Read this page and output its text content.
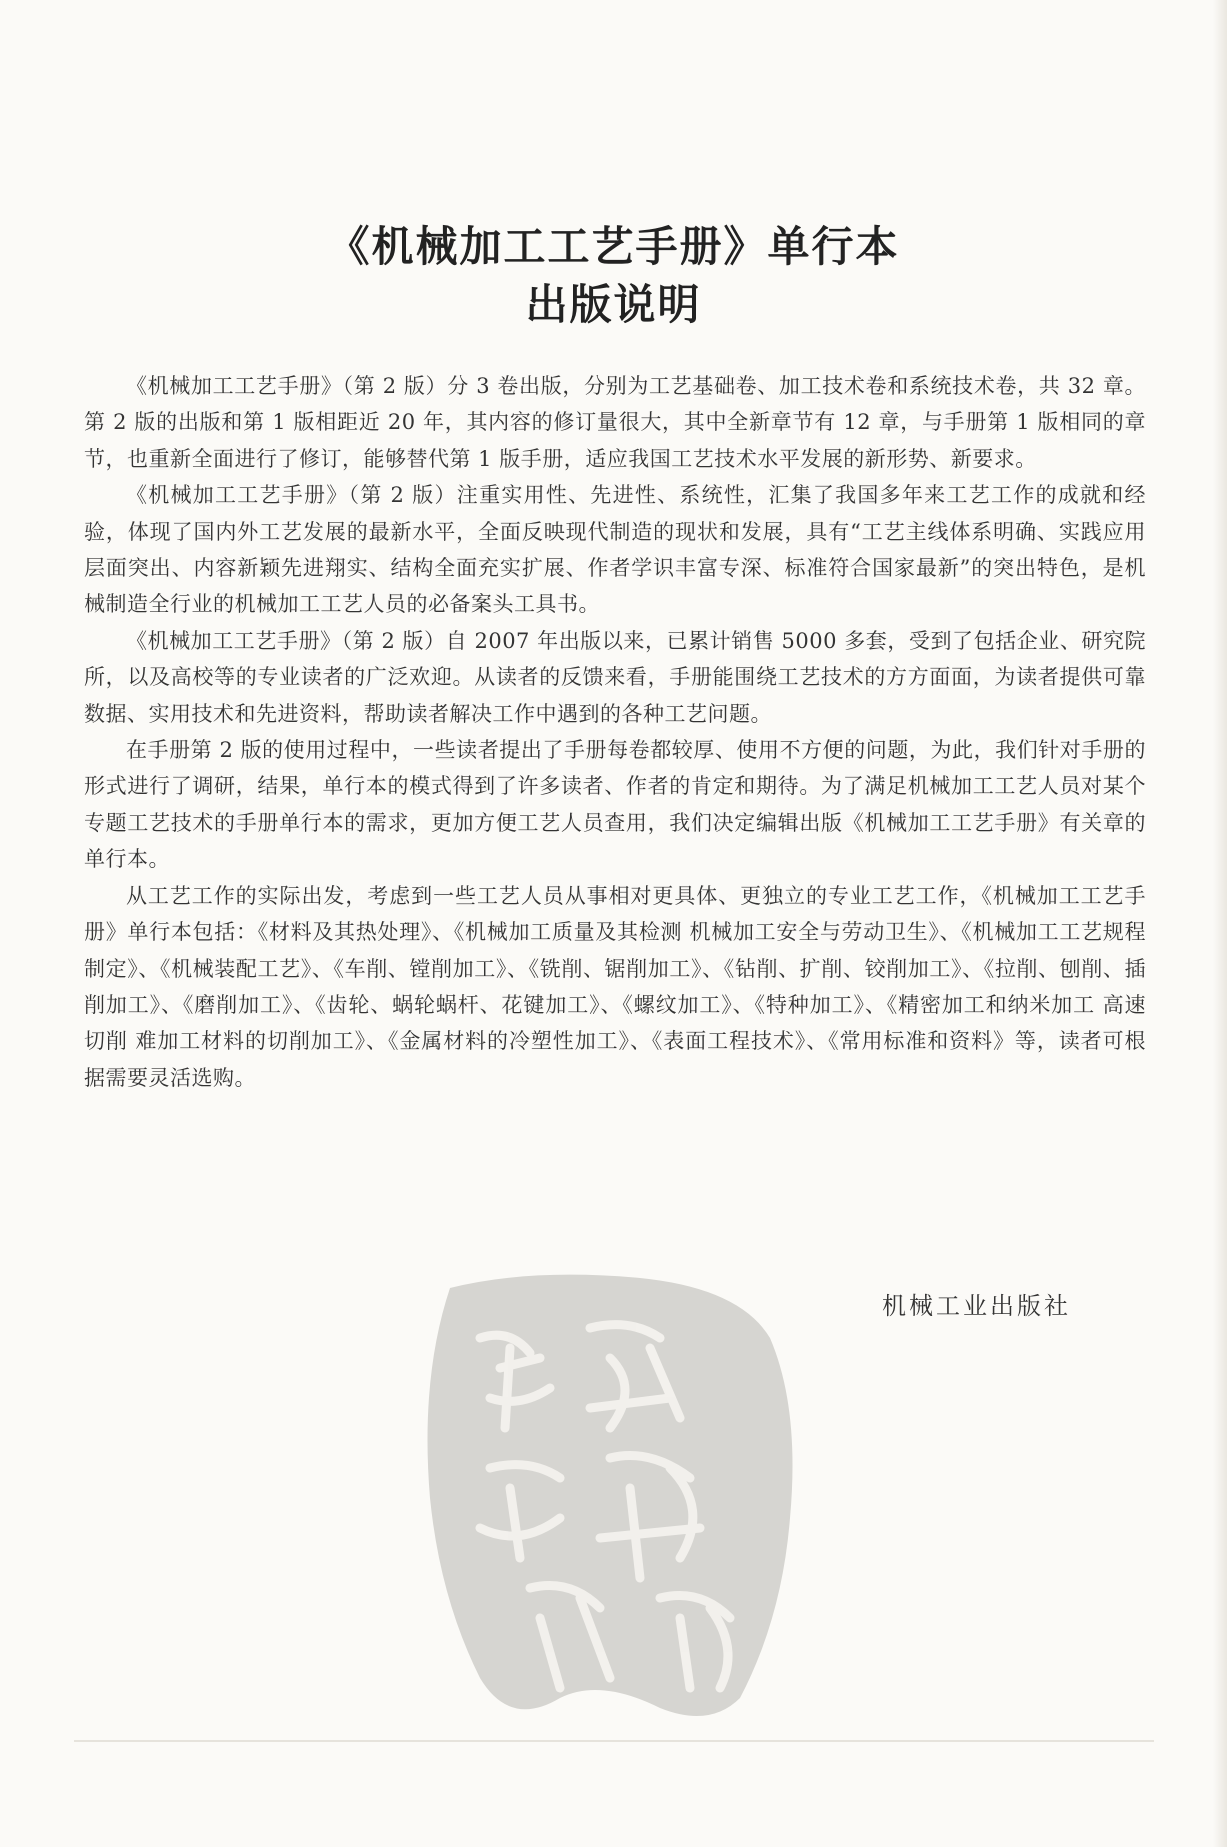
《机械加工工艺手册》单行本
出版说明

《机械加工工艺手册》（第 2 版）分 3 卷出版，分别为工艺基础卷、加工技术卷和系统技术卷，共 32 章。第 2 版的出版和第 1 版相距近 20 年，其内容的修订量很大，其中全新章节有 12 章，与手册第 1 版相同的章节，也重新全面进行了修订，能够替代第 1 版手册，适应我国工艺技术水平发展的新形势、新要求。

《机械加工工艺手册》（第 2 版）注重实用性、先进性、系统性，汇集了我国多年来工艺工作的成就和经验，体现了国内外工艺发展的最新水平，全面反映现代制造的现状和发展，具有“工艺主线体系明确、实践应用层面突出、内容新颖先进翔实、结构全面充实扩展、作者学识丰富专深、标准符合国家最新”的突出特色，是机械制造全行业的机械加工工艺人员的必备案头工具书。

《机械加工工艺手册》（第 2 版）自 2007 年出版以来，已累计销售 5000 多套，受到了包括企业、研究院所，以及高校等的专业读者的广泛欢迎。从读者的反馈来看，手册能围绕工艺技术的方方面面，为读者提供可靠数据、实用技术和先进资料，帮助读者解决工作中遇到的各种工艺问题。

在手册第 2 版的使用过程中，一些读者提出了手册每卷都较厚、使用不方便的问题，为此，我们针对手册的形式进行了调研，结果，单行本的模式得到了许多读者、作者的肯定和期待。为了满足机械加工工艺人员对某个专题工艺技术的手册单行本的需求，更加方便工艺人员查用，我们决定编辑出版《机械加工工艺手册》有关章的单行本。

从工艺工作的实际出发，考虑到一些工艺人员从事相对更具体、更独立的专业工艺工作，《机械加工工艺手册》单行本包括：《材料及其热处理》、《机械加工质量及其检测 机械加工安全与劳动卫生》、《机械加工工艺规程制定》、《机械装配工艺》、《车削、镗削加工》、《铣削、锯削加工》、《钻削、扩削、铰削加工》、《拉削、刨削、插削加工》、《磨削加工》、《齿轮、蜗轮蜗杆、花键加工》、《螺纹加工》、《特种加工》、《精密加工和纳米加工 高速切削 难加工材料的切削加工》、《金属材料的冷塑性加工》、《表面工程技术》、《常用标准和资料》等，读者可根据需要灵活选购。

机械工业出版社
